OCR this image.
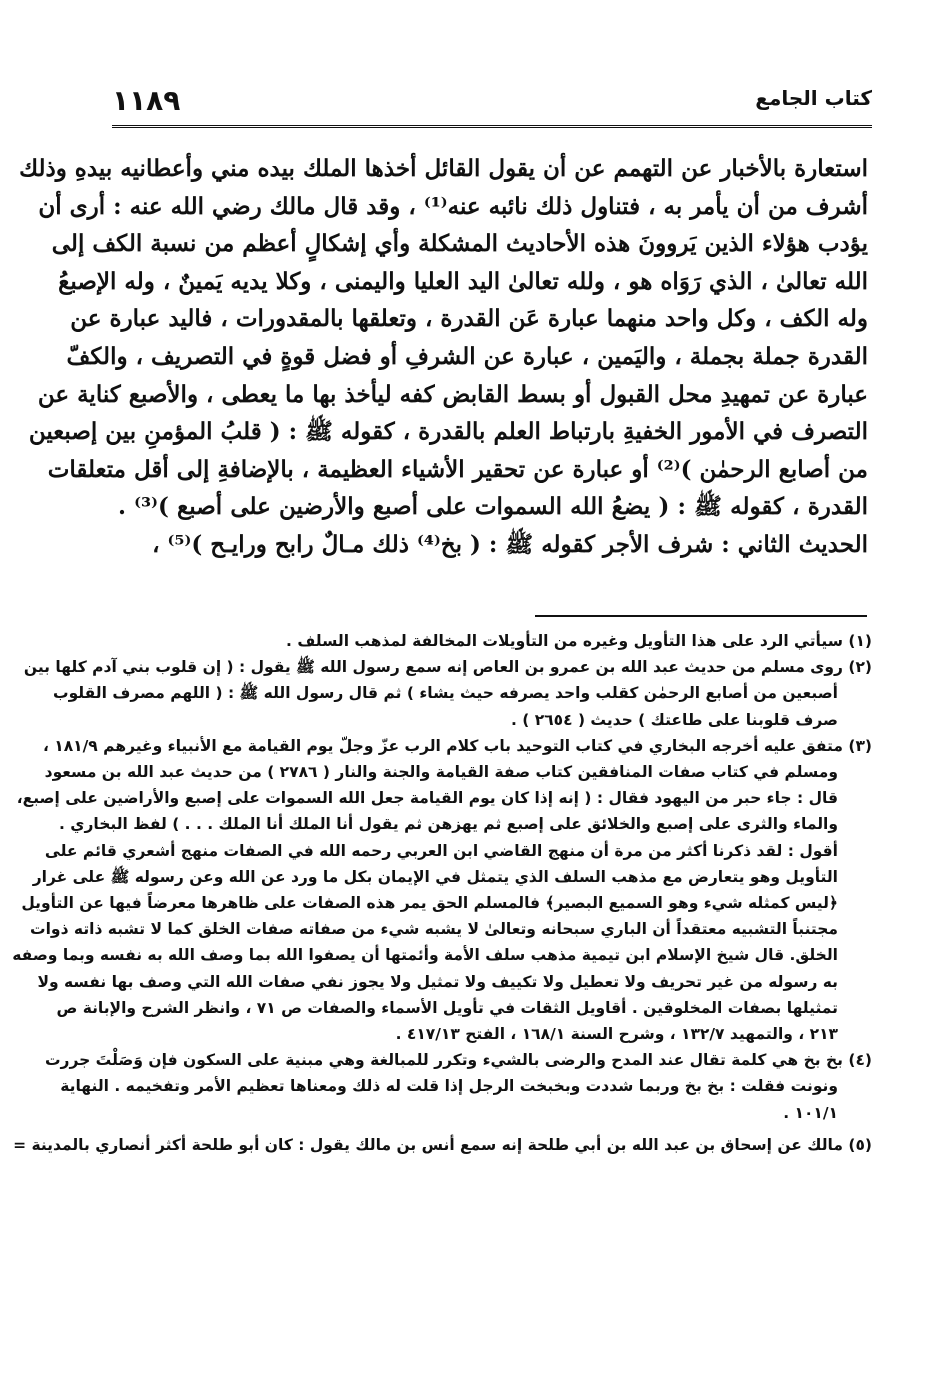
١١٨٩	كتاب الجامع
استعارة بالأخبار عن التهمم عن أن يقول القائل أخذها الملك بيده مني وأعطانيه بيدهِ وذلك
أشرف من أن يأمر به ، فتناول ذلك نائبه عنه⁽¹⁾ ، وقد قال مالك رضي الله عنه : أرى أن
يؤدب هؤلاء الذين يَروونَ هذه الأحاديث المشكلة وأي إشكالٍ أعظم من نسبة الكف إلى
الله تعالىٰ ، الذي رَوَاه هو ، ولله تعالىٰ اليد العليا واليمنى ، وكلا يديه يَمينٌ ، وله الإصبعُ
وله الكف ، وكل واحد منهما عبارة عَن القدرة ، وتعلقها بالمقدورات ، فاليد عبارة عن
القدرة جملة بجملة ، واليَمين ، عبارة عن الشرفِ أو فضل قوةٍ في التصريف ، والكفّ
عبارة عن تمهيدِ محل القبول أو بسط القابض كفه ليأخذ بها ما يعطى ، والأصبع كناية عن
التصرف في الأمور الخفيةِ بارتباط العلم بالقدرة ، كقوله ﷺ : ( قلبُ المؤمنِ بين إصبعين
من أصابع الرحمٰن )⁽²⁾ أو عبارة عن تحقير الأشياء العظيمة ، بالإضافةِ إلى أقل متعلقات
القدرة ، كقوله ﷺ : ( يضعُ الله السموات على أصبع والأرضين على أصبع )⁽³⁾ .
الحديث الثاني : شرف الأجر كقوله ﷺ : ( بخ⁽⁴⁾ ذلك مـالٌ رابح ورايـح )⁽⁵⁾ ،
(١) سيأتي الرد على هذا التأويل وغيره من التأويلات المخالفة لمذهب السلف .
(٢) روى مسلم من حديث عبد الله بن عمرو بن العاص إنه سمع رسول الله ﷺ يقول : ( إن قلوب بني آدم كلها بين
أصبعين من أصابع الرحمٰن كقلب واحد يصرفه حيث يشاء ) ثم قال رسول الله ﷺ : ( اللهم مصرف القلوب
صرف قلوبنا على طاعتك ) حديث ( ٢٦٥٤ ) .
(٣) متفق عليه أخرجه البخاري في كتاب التوحيد باب كلام الرب عزّ وجلّ يوم القيامة مع الأنبياء وغيرهم ١٨١/٩ ،
ومسلم في كتاب صفات المنافقين كتاب صفة القيامة والجنة والنار ( ٢٧٨٦ ) من حديث عبد الله بن مسعود
قال : جاء حبر من اليهود فقال : ( إنه إذا كان يوم القيامة جعل الله السموات على إصبع والأراضين على إصبع،
والماء والثرى على إصبع والخلائق على إصبع ثم يهزهن ثم يقول أنا الملك أنا الملك . . . ) لفظ البخاري .
أقول : لقد ذكرنا أكثر من مرة أن منهج القاضي ابن العربي رحمه الله في الصفات منهج أشعري قائم على
التأويل وهو يتعارض مع مذهب السلف الذي يتمثل في الإيمان بكل ما ورد عن الله وعن رسوله ﷺ على غرار
﴿ليس كمثله شيء وهو السميع البصير﴾ فالمسلم الحق يمر هذه الصفات على ظاهرها معرضاً فيها عن التأويل
مجتنباً التشبيه معتقداً أن الباري سبحانه وتعالىٰ لا يشبه شيء من صفاته صفات الخلق كما لا تشبه ذاته ذوات
الخلق. قال شيخ الإسلام ابن تيمية مذهب سلف الأمة وأئمتها أن يصفوا الله بما وصف الله به نفسه وبما وصفه
به رسوله من غير تحريف ولا تعطيل ولا تكييف ولا تمثيل ولا يجوز نفي صفات الله التي وصف بها نفسه ولا
تمثيلها بصفات المخلوقين . أقاويل الثقات في تأويل الأسماء والصفات ص ٧١ ، وانظر الشرح والإبانة ص
٢١٣ ، والتمهيد ١٣٢/٧ ، وشرح السنة ١٦٨/١ ، الفتح ٤١٧/١٣ .
(٤) بخ بخ هي كلمة تقال عند المدح والرضى بالشيء وتكرر للمبالغة وهي مبنية على السكون فإن وَصَلْتَ جررت
ونونت فقلت : بخ بخ وربما شددت وبخبخت الرجل إذا قلت له ذلك ومعناها تعظيم الأمر وتفخيمه . النهاية
١٠١/١ .
(٥) مالك عن إسحاق بن عبد الله بن أبي طلحة إنه سمع أنس بن مالك يقول : كان أبو طلحة أكثر أنصاري بالمدينة =
